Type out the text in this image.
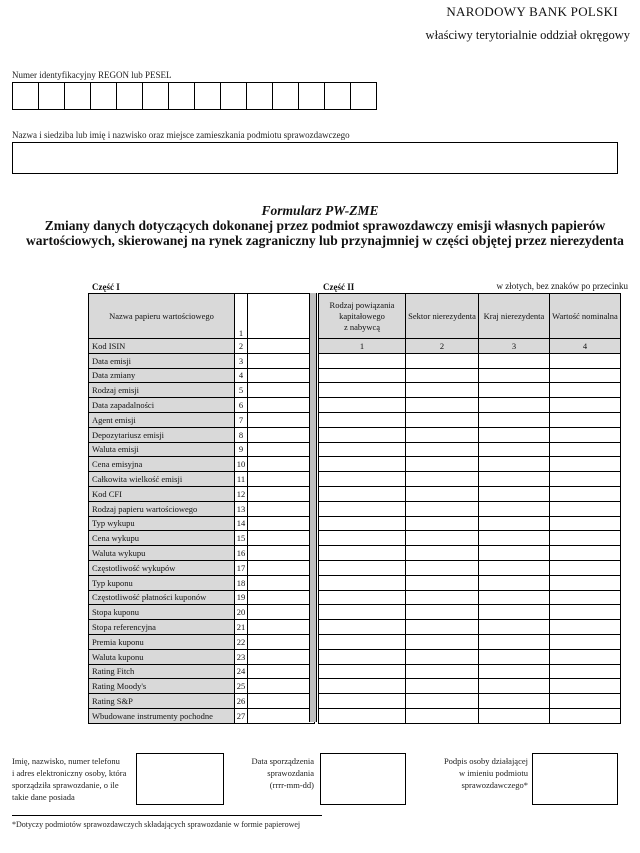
NARODOWY BANK POLSKI
właściwy terytorialnie oddział okręgowy
Numer identyfikacyjny REGON lub PESEL
Nazwa i siedziba lub imię i nazwisko oraz miejsce zamieszkania podmiotu sprawozdawczego
Formularz PW-ZME
Zmiany danych dotyczących dokonanej przez podmiot sprawozdawczy emisji własnych papierów
wartościowych, skierowanej na rynek zagraniczny lub przynajmniej w części objętej przez nierezydenta
Część I	Część II	w złotych, bez znaków po przecinku
Nazwa papieru wartościowego	1	
Kod ISIN	2	
Data emisji	3	
Data zmiany	4	
Rodzaj emisji	5	
Data zapadalności	6	
Agent emisji	7	
Depozytariusz emisji	8	
Waluta emisji	9	
Cena emisyjna	10	
Całkowita wielkość emisji	11	
Kod CFI	12	
Rodzaj papieru wartościowego	13	
Typ wykupu	14	
Cena wykupu	15	
Waluta wykupu	16	
Częstotliwość wykupów	17	
Typ kuponu	18	
Częstotliwość płatności kuponów	19	
Stopa kuponu	20	
Stopa referencyjna	21	
Premia kuponu	22	
Waluta kuponu	23	
Rating Fitch	24	
Rating Moody's	25	
Rating S&P	26	
Wbudowane instrumenty pochodne	27	
Rodzaj powiązania
kapitałowego
z nabywcą	Sektor nierezydenta	Kraj nierezydenta	Wartość nominalna
1	2	3	4

Imię, nazwisko, numer telefonu
i adres elektroniczny osoby, która
sporządziła sprawozdanie, o ile
takie dane posiada
Data sporządzenia
sprawozdania
(rrrr-mm-dd)
Podpis osoby działającej
w imieniu podmiotu
sprawozdawczego*
*Dotyczy podmiotów sprawozdawczych składających sprawozdanie w formie papierowej
